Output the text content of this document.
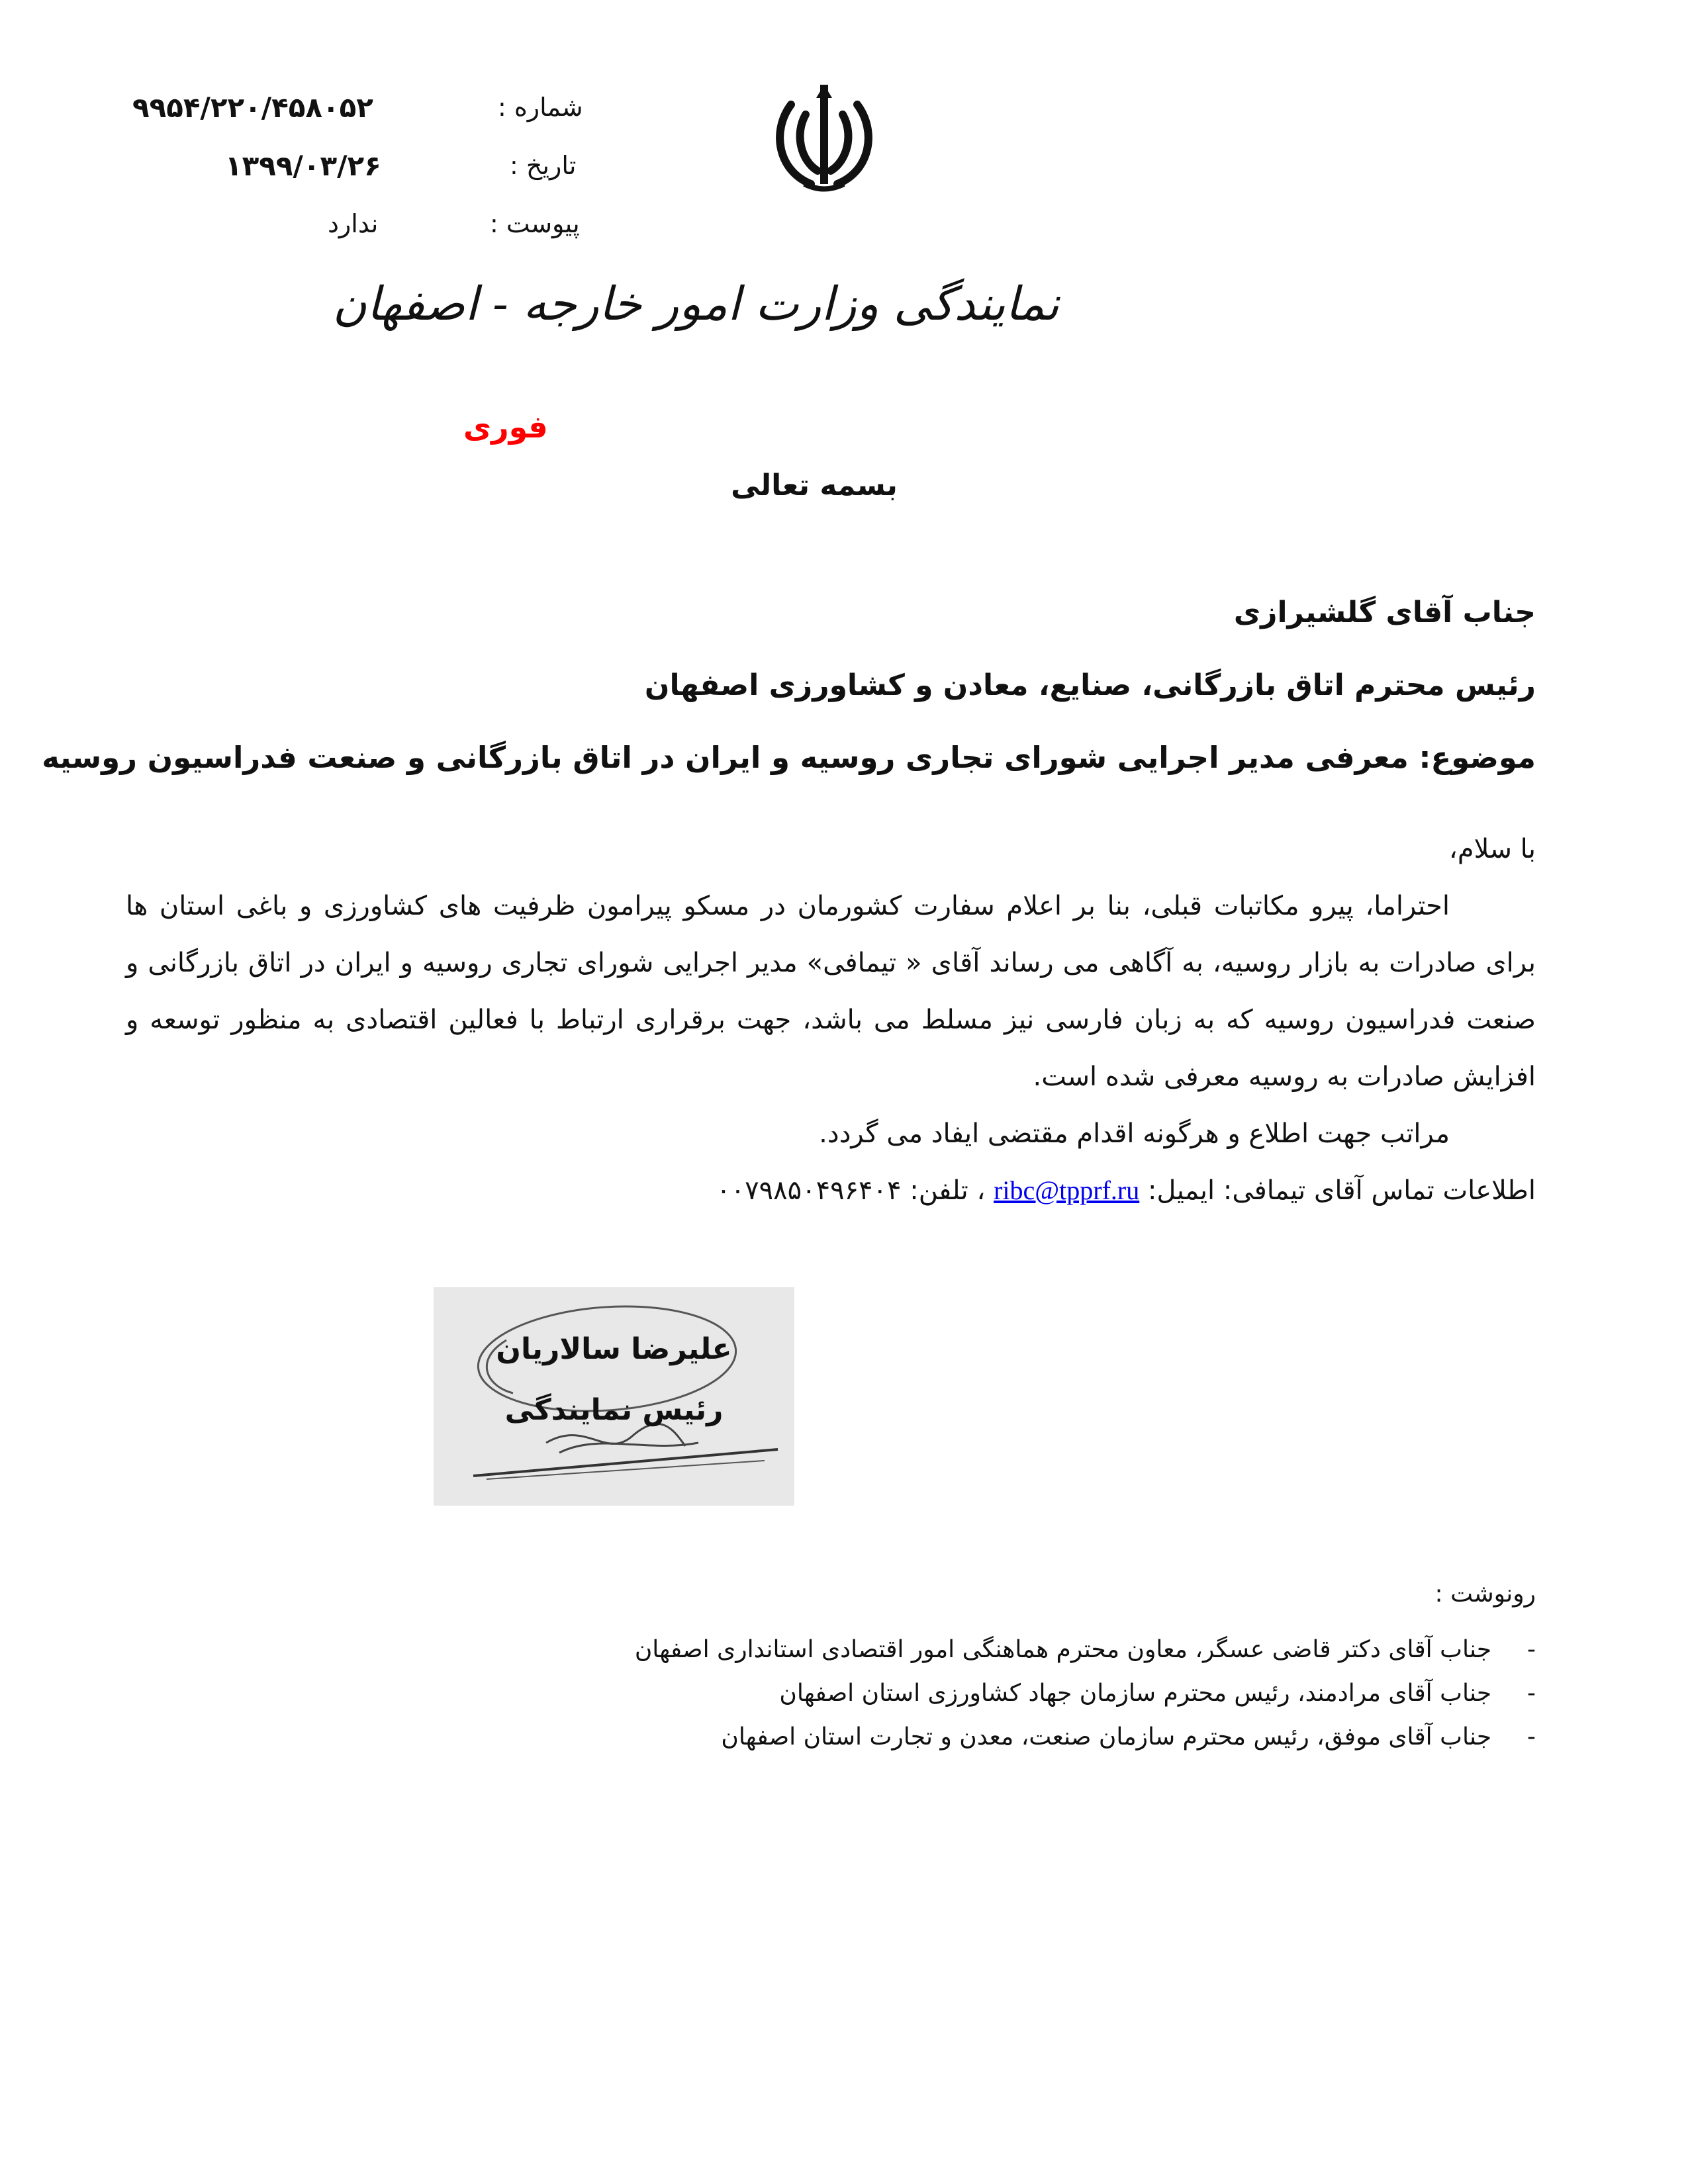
شماره :
۹۹۵۴/۲۲۰/۴۵۸۰۵۲
تاریخ :
۱۳۹۹/۰۳/۲۶
پیوست :
ندارد
نمایندگی وزارت امور خارجه - اصفهان
فوری
بسمه تعالی
جناب آقای گلشیرازی
رئیس محترم اتاق بازرگانی، صنایع، معادن و کشاورزی اصفهان
موضوع: معرفی مدیر اجرایی شورای تجاری روسیه و ایران در اتاق بازرگانی و صنعت فدراسیون روسیه

با سلام،

احتراما، پیرو مکاتبات قبلی، بنا بر اعلام سفارت کشورمان در مسکو پیرامون ظرفیت های کشاورزی و باغی استان ها برای صادرات به بازار روسیه، به آگاهی می رساند آقای « تیمافی» مدیر اجرایی شورای تجاری روسیه و ایران در اتاق بازرگانی و صنعت فدراسیون روسیه که به زبان فارسی نیز مسلط می باشد، جهت برقراری ارتباط با فعالین اقتصادی به منظور توسعه و افزایش صادرات به روسیه معرفی شده است.

مراتب جهت اطلاع و هرگونه اقدام مقتضی ایفاد می گردد.

اطلاعات تماس آقای تیمافی: ایمیل: ribc@tpprf.ru ، تلفن: ۰۰۷۹۸۵۰۴۹۶۴۰۴

علیرضا سالاریان
رئیس نمایندگی
رونوشت :
-  جناب آقای دکتر قاضی عسگر، معاون محترم هماهنگی امور اقتصادی استانداری اصفهان
-  جناب آقای مرادمند، رئیس محترم سازمان جهاد کشاورزی استان اصفهان
-  جناب آقای موفق، رئیس محترم سازمان صنعت، معدن و تجارت استان اصفهان
